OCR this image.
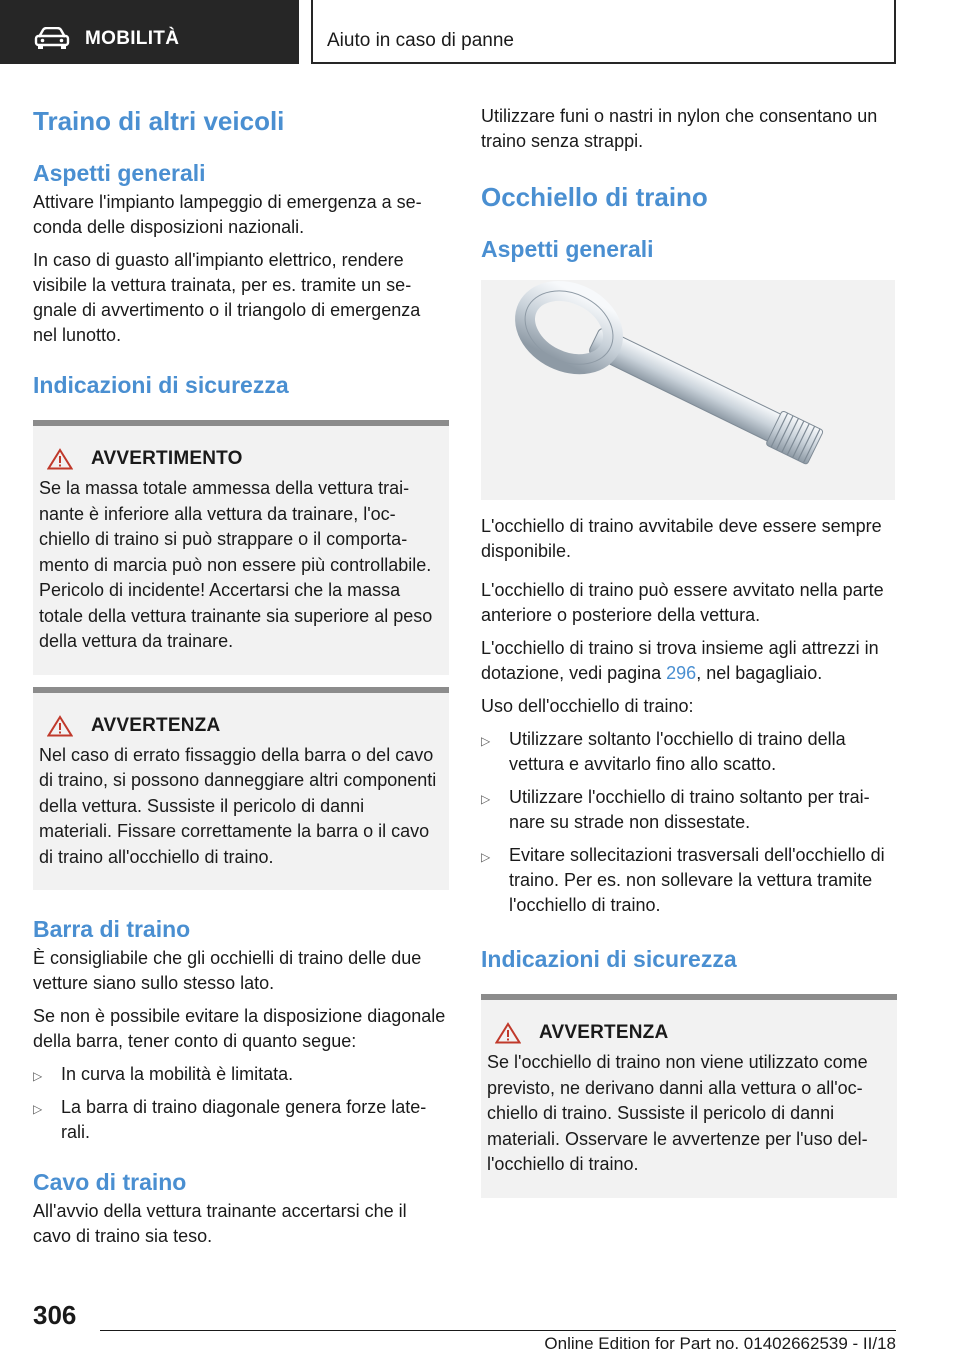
MOBILITÀ	Aiuto in caso di panne
Traino di altri veicoli
Aspetti generali

Attivare l'impianto lampeggio di emergenza a seconda delle disposizioni nazionali.

In caso di guasto all'impianto elettrico, rendere visibile la vettura trainata, per es. tramite un segnale di avvertimento o il triangolo di emergenza nel lunotto.

Indicazioni di sicurezza
AVVERTIMENTO

Se la massa totale ammessa della vettura trainante è inferiore alla vettura da trainare, l'occhiello di traino si può strappare o il comportamento di marcia può non essere più controllabile. Pericolo di incidente! Accertarsi che la massa totale della vettura trainante sia superiore al peso della vettura da trainare.

AVVERTENZA

Nel caso di errato fissaggio della barra o del cavo di traino, si possono danneggiare altri componenti della vettura. Sussiste il pericolo di danni materiali. Fissare correttamente la barra o il cavo di traino all'occhiello di traino.

Barra di traino

È consigliabile che gli occhielli di traino delle due vetture siano sullo stesso lato.

Se non è possibile evitare la disposizione diagonale della barra, tener conto di quanto segue:

▷ In curva la mobilità è limitata.
▷ La barra di traino diagonale genera forze laterali.
Cavo di traino

All'avvio della vettura trainante accertarsi che il cavo di traino sia teso.

Utilizzare funi o nastri in nylon che consentano un traino senza strappi.

Occhiello di traino
Aspetti generali

L'occhiello di traino avvitabile deve essere sempre disponibile.

L'occhiello di traino può essere avvitato nella parte anteriore o posteriore della vettura.

L'occhiello di traino si trova insieme agli attrezzi in dotazione, vedi pagina 296, nel bagagliaio.

Uso dell'occhiello di traino:

▷ Utilizzare soltanto l'occhiello di traino della vettura e avvitarlo fino allo scatto.
▷ Utilizzare l'occhiello di traino soltanto per trainare su strade non dissestate.
▷ Evitare sollecitazioni trasversali dell'occhiello di traino. Per es. non sollevare la vettura tramite l'occhiello di traino.
Indicazioni di sicurezza
AVVERTENZA

Se l'occhiello di traino non viene utilizzato come previsto, ne derivano danni alla vettura o all'occhiello di traino. Sussiste il pericolo di danni materiali. Osservare le avvertenze per l'uso dell'occhiello di traino.

306
Online Edition for Part no. 01402662539 - II/18
